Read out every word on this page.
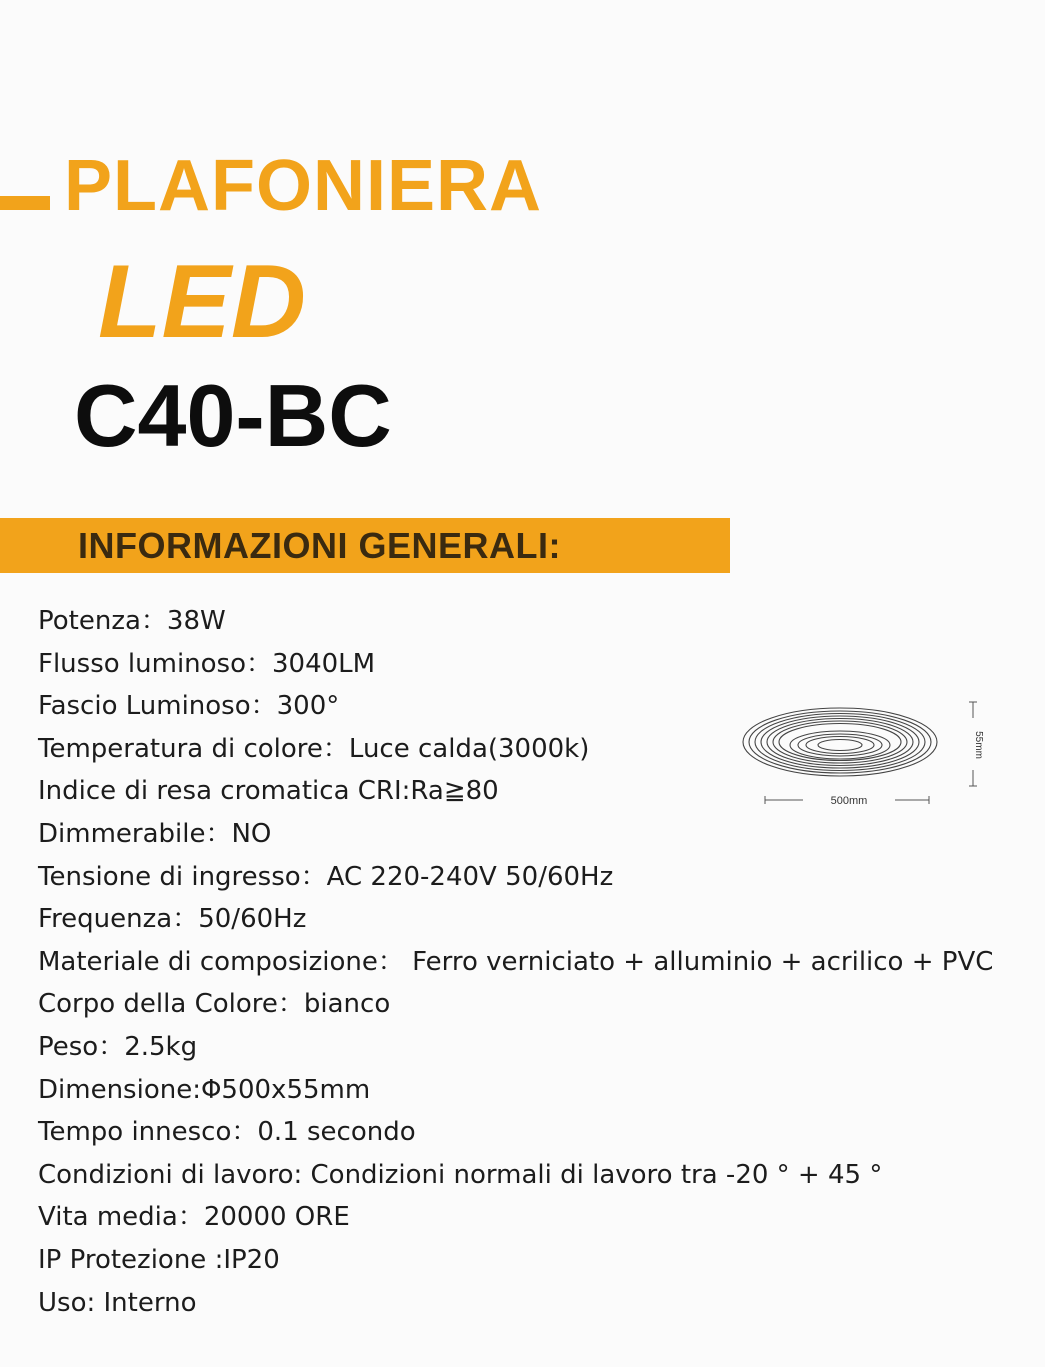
PLAFONIERA
LED
C40-BC
INFORMAZIONI GENERALI:
Potenza：38W
Flusso luminoso：3040LM
Fascio Luminoso：300°
Temperatura di colore：Luce calda(3000k)
Indice di resa cromatica CRI:Ra≧80
Dimmerabile：NO
Tensione di ingresso：AC 220-240V 50/60Hz
Frequenza：50/60Hz
Materiale di composizione： Ferro verniciato + alluminio + acrilico + PVC
Corpo della Colore：bianco
Peso：2.5kg
Dimensione:Φ500x55mm
Tempo innesco：0.1 secondo
Condizioni di lavoro: Condizioni normali di lavoro tra -20 ° + 45 °
Vita media：20000 ORE
IP Protezione :IP20
Uso: Interno
500mm
55mm
